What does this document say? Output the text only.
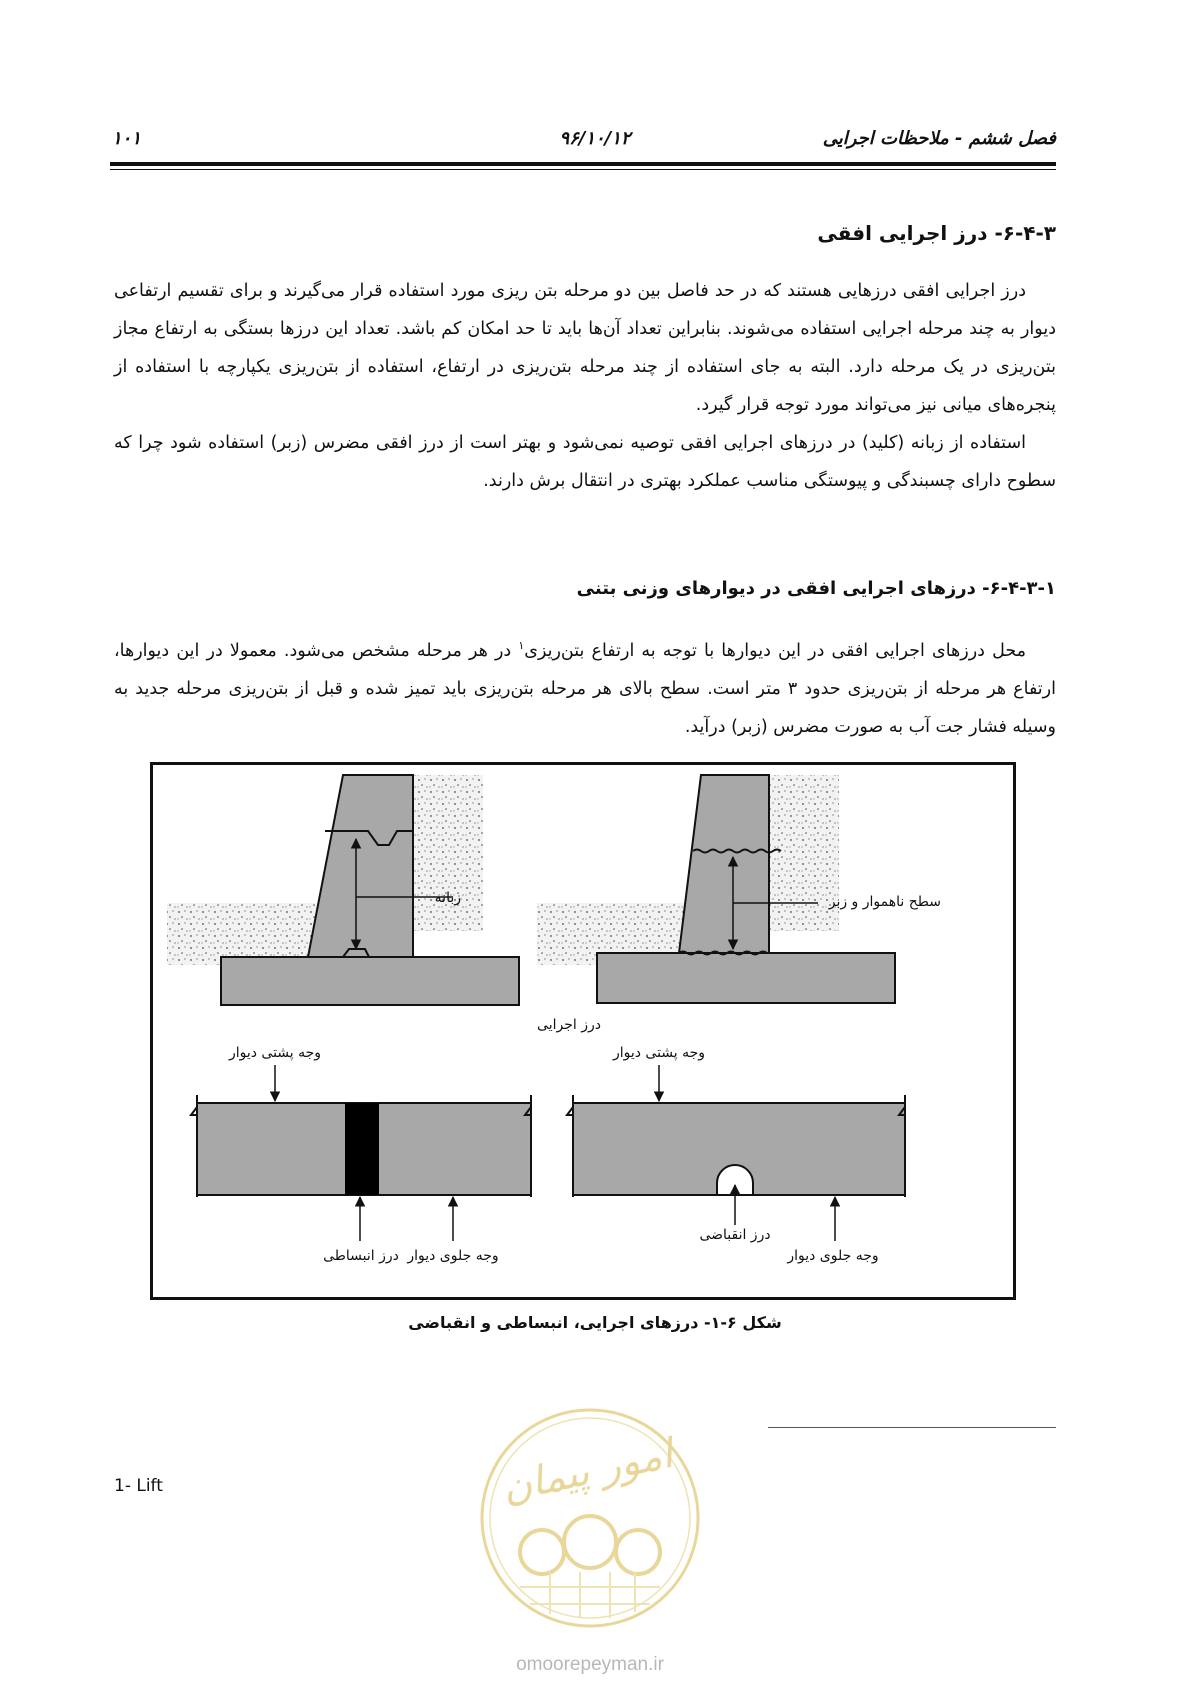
۱۰۱	۹۶/۱۰/۱۲	فصل ششم - ملاحظات اجرایی
۶-۴-۳- درز اجرایی افقی

درز اجرایی افقی درزهایی هستند که در حد فاصل بین دو مرحله بتن ریزی مورد استفاده قرار می‌گیرند و برای تقسیم ارتفاعی دیوار به چند مرحله اجرایی استفاده می‌شوند. بنابراین تعداد آن‌ها باید تا حد امکان کم باشد. تعداد این درزها بستگی به ارتفاع مجاز بتن‌ریزی در یک مرحله دارد. البته به جای استفاده از چند مرحله بتن‌ریزی در ارتفاع، استفاده از بتن‌ریزی یکپارچه با استفاده از پنجره‌های میانی نیز می‌تواند مورد توجه قرار گیرد.

استفاده از زبانه (کلید) در درزهای اجرایی افقی توصیه نمی‌شود و بهتر است از درز افقی مضرس (زبر) استفاده شود چرا که سطوح دارای چسبندگی و پیوستگی مناسب عملکرد بهتری در انتقال برش دارند.

۶-۴-۳-۱- درزهای اجرایی افقی در دیوارهای وزنی بتنی

محل درزهای اجرایی افقی در این دیوارها با توجه به ارتفاع بتن‌ریزی$^۱$ در هر مرحله مشخص می‌شود. معمولا در این دیوارها، ارتفاع هر مرحله از بتن‌ریزی حدود ۳ متر است. سطح بالای هر مرحله بتن‌ریزی باید تمیز شده و قبل از بتن‌ریزی مرحله جدید به وسیله فشار جت آب به صورت مضرس (زبر) درآید.

زبانه	سطح ناهموار و زبر
درز اجرایی
وجه پشتی دیوار
درز انبساطی وجه جلوی دیوار
وجه پشتی دیوار
درز انقباضی
وجه جلوی دیوار
شکل ۶-۱- درزهای اجرایی، انبساطی و انقباضی
1- Lift	امور پیمان
omoorepeyman.ir
